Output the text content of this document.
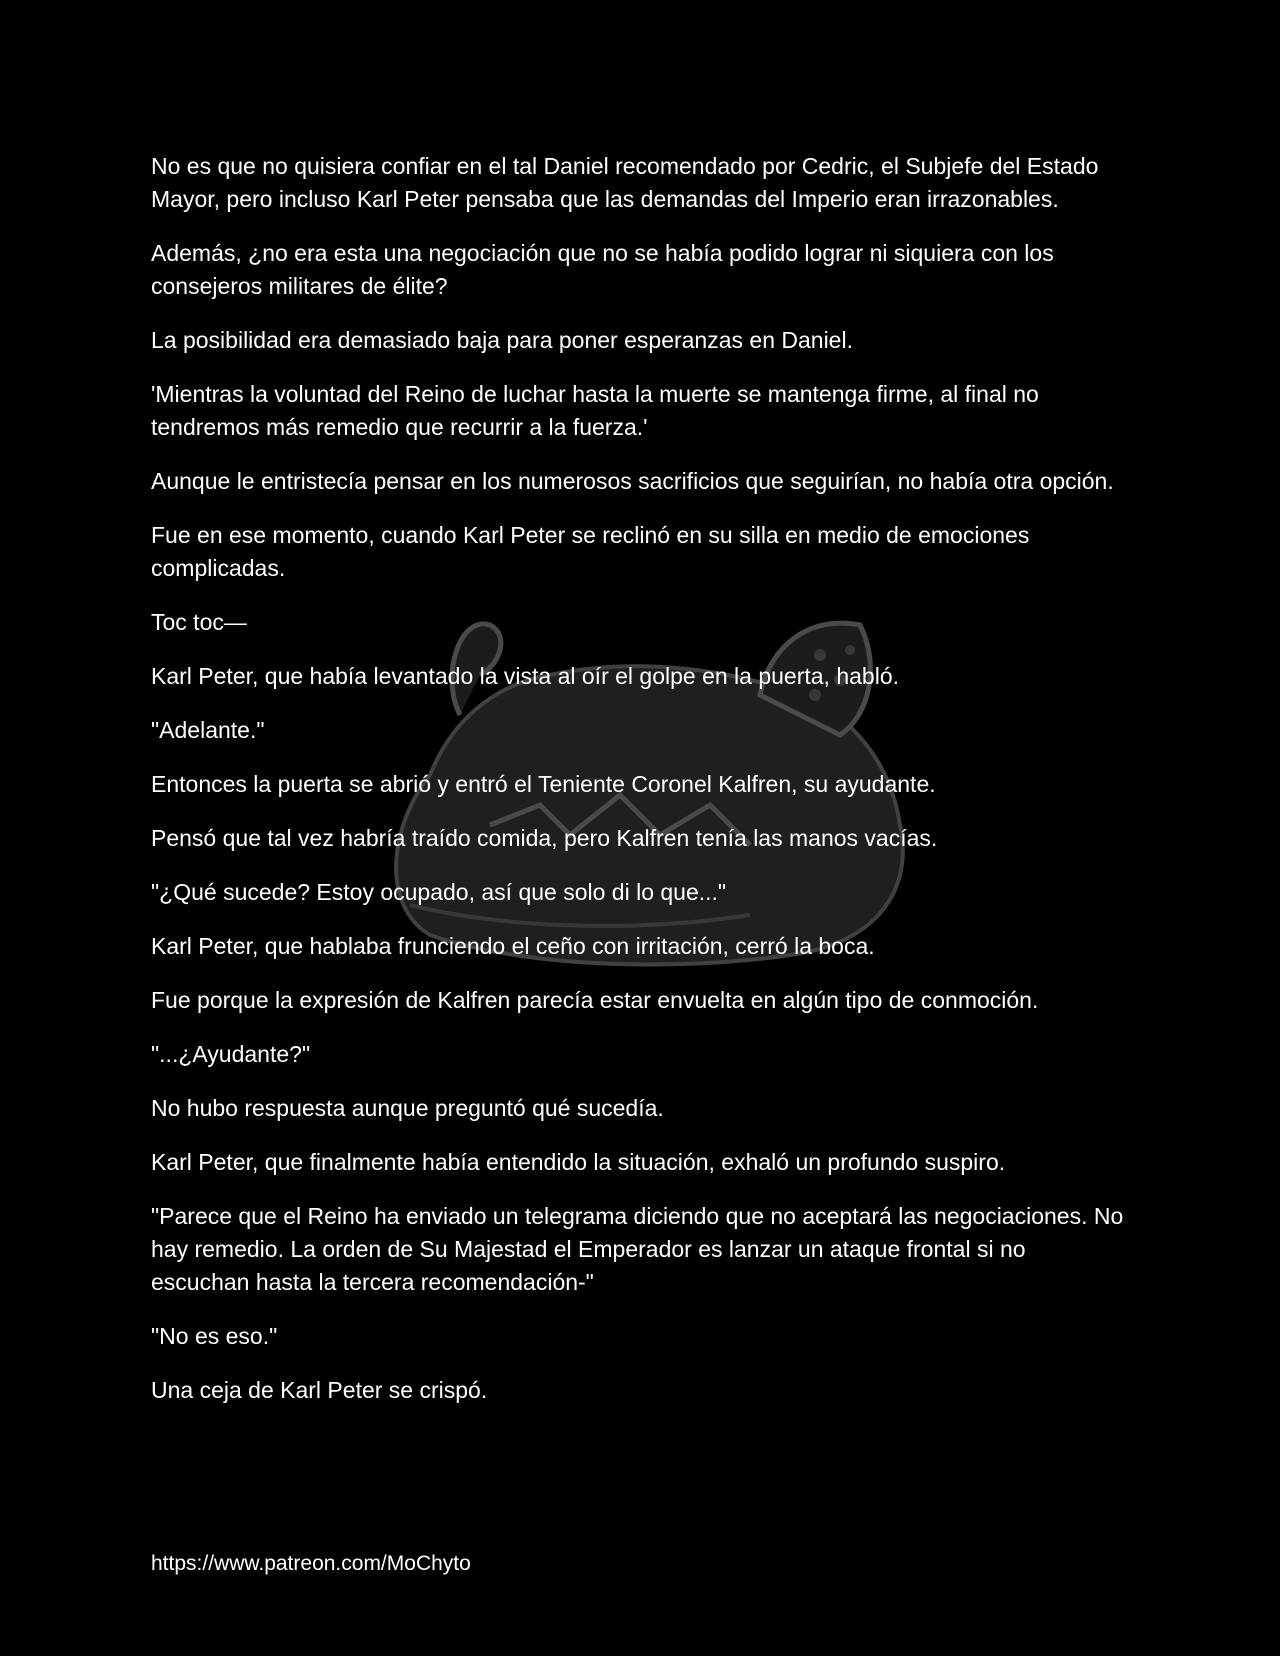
No es que no quisiera confiar en el tal Daniel recomendado por Cedric, el Subjefe del Estado Mayor, pero incluso Karl Peter pensaba que las demandas del Imperio eran irrazonables.

Además, ¿no era esta una negociación que no se había podido lograr ni siquiera con los consejeros militares de élite?

La posibilidad era demasiado baja para poner esperanzas en Daniel.

'Mientras la voluntad del Reino de luchar hasta la muerte se mantenga firme, al final no tendremos más remedio que recurrir a la fuerza.'

Aunque le entristecía pensar en los numerosos sacrificios que seguirían, no había otra opción.

Fue en ese momento, cuando Karl Peter se reclinó en su silla en medio de emociones complicadas.

Toc toc—

Karl Peter, que había levantado la vista al oír el golpe en la puerta, habló.

"Adelante."

Entonces la puerta se abrió y entró el Teniente Coronel Kalfren, su ayudante.

Pensó que tal vez habría traído comida, pero Kalfren tenía las manos vacías.

"¿Qué sucede? Estoy ocupado, así que solo di lo que..."

Karl Peter, que hablaba frunciendo el ceño con irritación, cerró la boca.

Fue porque la expresión de Kalfren parecía estar envuelta en algún tipo de conmoción.

"...¿Ayudante?"

No hubo respuesta aunque preguntó qué sucedía.

Karl Peter, que finalmente había entendido la situación, exhaló un profundo suspiro.

"Parece que el Reino ha enviado un telegrama diciendo que no aceptará las negociaciones. No hay remedio. La orden de Su Majestad el Emperador es lanzar un ataque frontal si no escuchan hasta la tercera recomendación-"

"No es eso."

Una ceja de Karl Peter se crispó.

https://www.patreon.com/MoChyto
